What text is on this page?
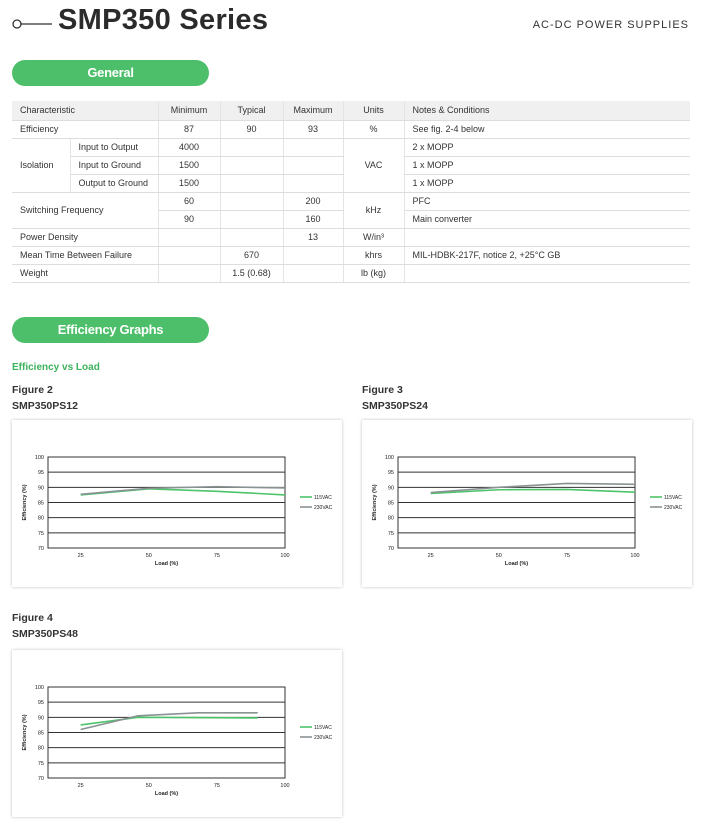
SMP350 Series	AC-DC POWER SUPPLIES
General
Characteristic		Minimum	Typical	Maximum	Units	Notes & Conditions
Efficiency		87	90	93	%	See fig. 2-4 below
Isolation	Input to Output	4000			VAC	2 x MOPP
	Input to Ground	1500				1 x MOPP
	Output to Ground	1500				1 x MOPP
Switching Frequency		60		200	kHz	PFC
		90		160		Main converter
Power Density				13	W/in³	
Mean Time Between Failure			670		khrs	MIL-HDBK-217F, notice 2, +25°C GB
Weight			1.5 (0.68)		lb (kg)	
Efficiency Graphs
Efficiency vs Load
Figure 2
SMP350PS12
Figure 3
SMP350PS24
Figure 4
SMP350PS48
70
75
80
85
90
95
100
25	50	75	100
Load (%)
Efficiency (%)	115VAC
230VAC
70
75
80
85
90
95
100
25	50	75	100
Load (%)
Efficiency (%)	115VAC
230VAC
70
75
80
85
90
95
100
25	50	75	100
Load (%)
Efficiency (%)	115VAC
230VAC
